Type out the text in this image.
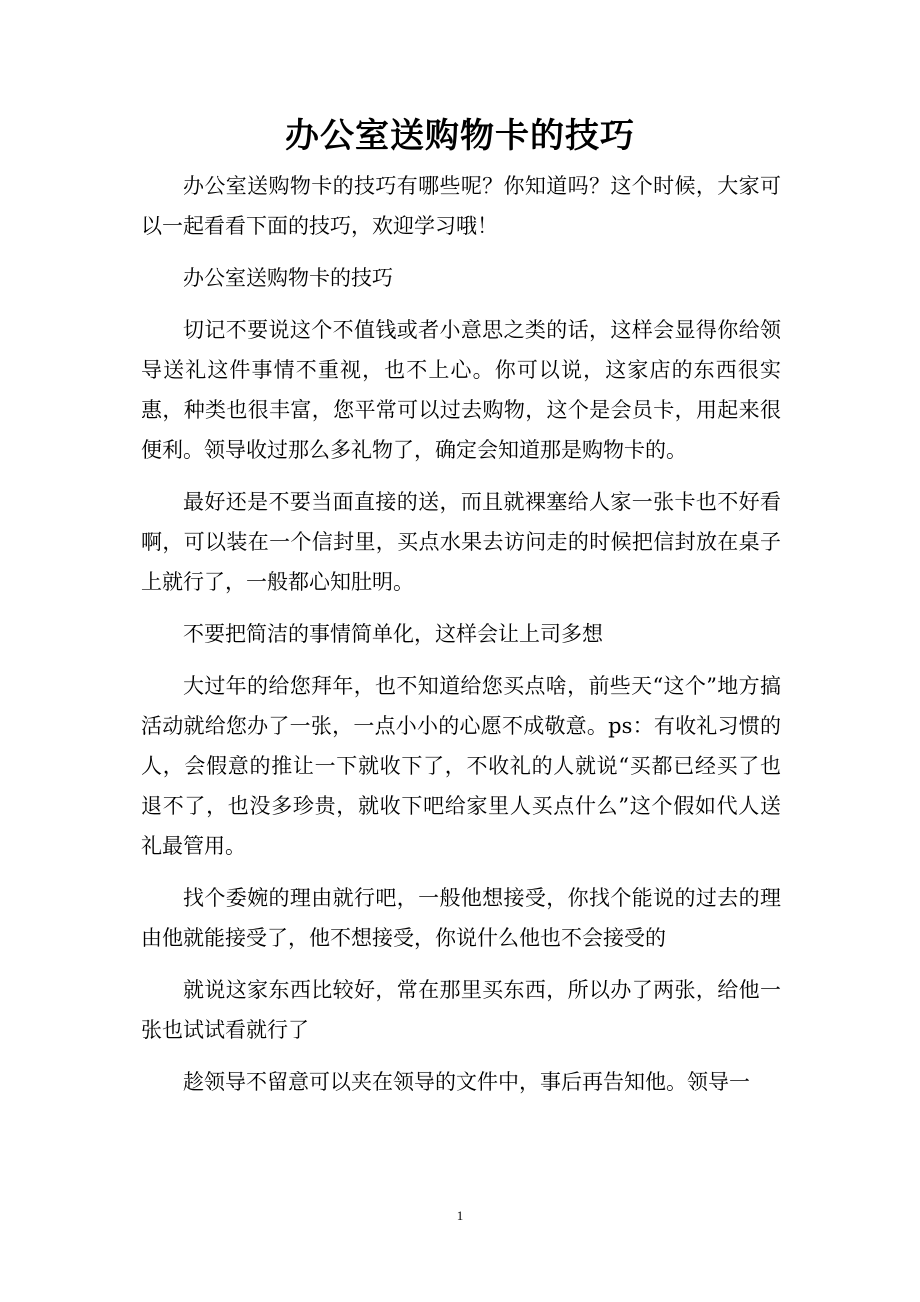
办公室送购物卡的技巧

办公室送购物卡的技巧有哪些呢？你知道吗？这个时候，大家可以一起看看下面的技巧，欢迎学习哦！

办公室送购物卡的技巧

切记不要说这个不值钱或者小意思之类的话，这样会显得你给领导送礼这件事情不重视，也不上心。你可以说，这家店的东西很实惠，种类也很丰富，您平常可以过去购物，这个是会员卡，用起来很便利。领导收过那么多礼物了，确定会知道那是购物卡的。

最好还是不要当面直接的送，而且就裸塞给人家一张卡也不好看啊，可以装在一个信封里，买点水果去访问走的时候把信封放在桌子上就行了，一般都心知肚明。

不要把简洁的事情简单化，这样会让上司多想

大过年的给您拜年，也不知道给您买点啥，前些天“这个”地方搞活动就给您办了一张，一点小小的心愿不成敬意。ps：有收礼习惯的人，会假意的推让一下就收下了，不收礼的人就说“买都已经买了也退不了，也没多珍贵，就收下吧给家里人买点什么”这个假如代人送礼最管用。

找个委婉的理由就行吧，一般他想接受，你找个能说的过去的理由他就能接受了，他不想接受，你说什么他也不会接受的

就说这家东西比较好，常在那里买东西，所以办了两张，给他一张也试试看就行了

趁领导不留意可以夹在领导的文件中，事后再告知他。领导一

1
